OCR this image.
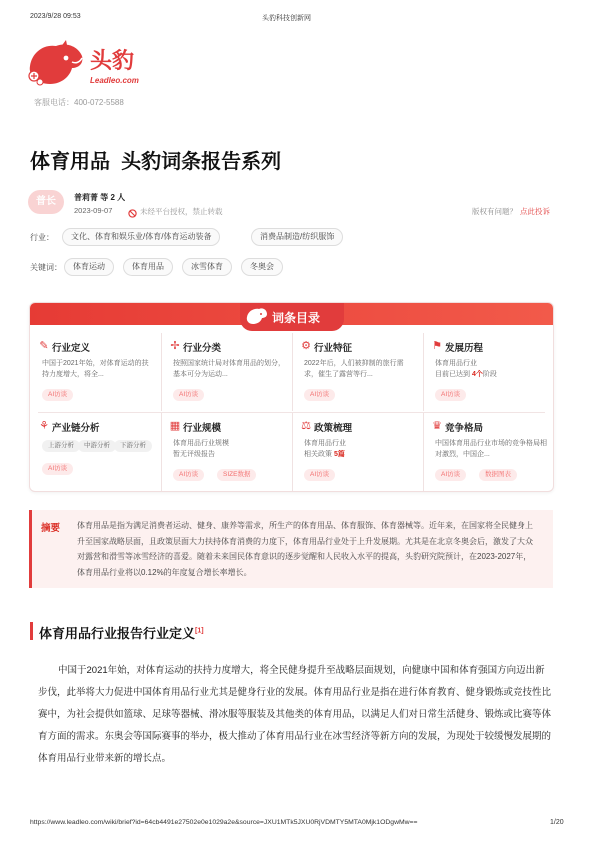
2023/9/28 09:53	头豹科技创新网
头豹
Leadleo.com
客服电话：400-072-5588
体育用品  头豹词条报告系列
普长	普莉菁 等 2 人
2023-09-07	未经平台授权，禁止转载	版权有问题？ 点此投诉
行业：	文化、体育和娱乐业/体育/体育运动装备	消费品制造/纺织服饰
关键词：	体育运动	体育用品	冰雪体育	冬奥会
词条目录
✎ 行业定义
中国于2021年始，对体育运动的扶持力度增大，将全...
AI访谈
✢ 行业分类
按照国家统计局对体育用品的划分，基本可分为运动...
AI访谈
⚙ 行业特征
2022年后，人们被抑制的旅行需求，催生了露营等行...
AI访谈
⚑ 发展历程
体育用品行业
目前已达到 4个阶段
AI访谈
⚘ 产业链分析
上游分析	中游分析	下游分析
AI访谈
▦ 行业规模
体育用品行业规模
暂无评级报告
AI访谈	SIZE数据
⚖ 政策梳理
体育用品行业
相关政策 5篇
AI访谈
♛ 竞争格局
中国体育用品行业市场的竞争格局相对激烈，中国企...
AI访谈	数据图表
摘要 体育用品是指为满足消费者运动、健身、康养等需求，所生产的体育用品、体育服饰、体育器械等。近年来，在国家将全民健身上升至国家战略层面，且政策层面大力扶持体育消费的力度下，体育用品行业处于上升发展期。尤其是在北京冬奥会后，激发了大众对露营和滑雪等冰雪经济的喜爱。随着未来国民体育意识的逐步觉醒和人民收入水平的提高，头豹研究院预计，在2023-2027年，体育用品行业将以0.12%的年度复合增长率增长。
体育用品行业报告行业定义[1]
中国于2021年始，对体育运动的扶持力度增大，将全民健身提升至战略层面规划，向健康中国和体育强国方向迈出新步伐，此举将大力促进中国体育用品行业尤其是健身行业的发展。体育用品行业是指在进行体育教育、健身锻炼或竞技性比赛中，为社会提供如篮球、足球等器械、滑冰服等服装及其他类的体育用品，以满足人们对日常生活健身、锻炼或比赛等体育方面的需求。东奥会等国际赛事的举办，极大推动了体育用品行业在冰雪经济等新方向的发展，为现处于较缓慢发展期的体育用品行业带来新的增长点。
https://www.leadleo.com/wiki/brief?id=64cb4491e27502e0e1029a2e&source=JXU1MTk5JXU0RjVDMTY5MTA0Mjk1ODgwMw==	1/20
